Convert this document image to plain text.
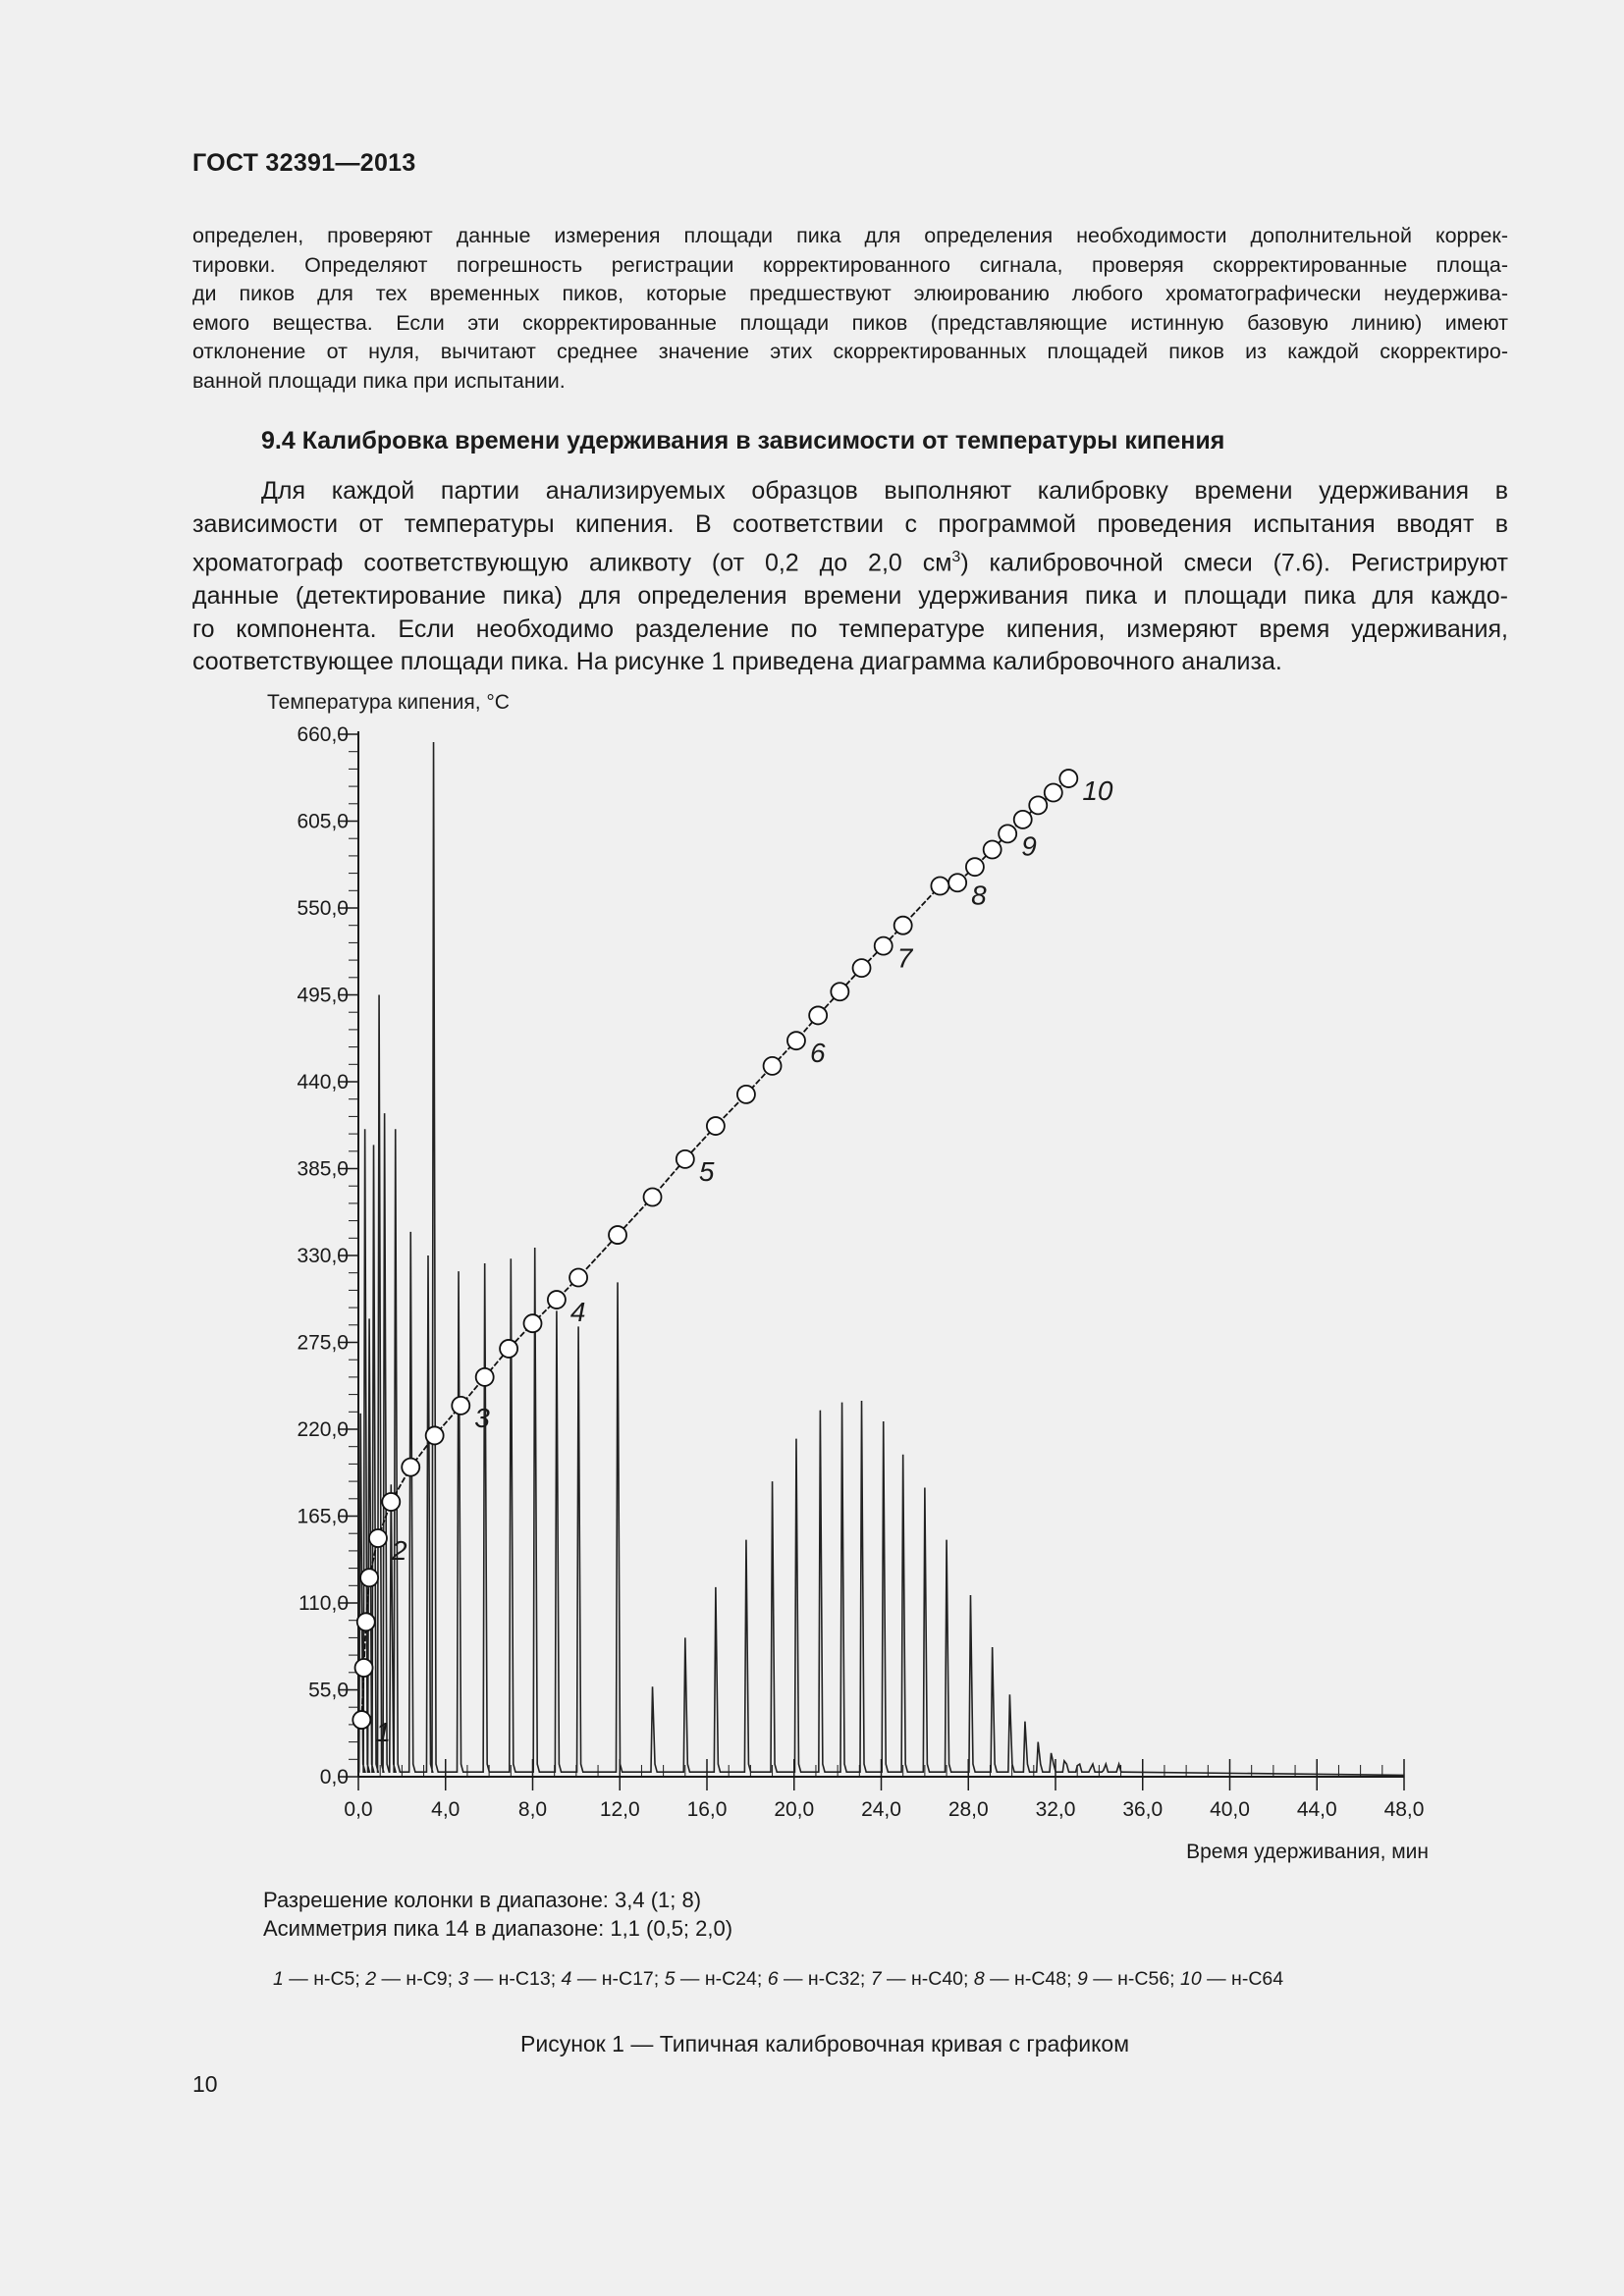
ГОСТ 32391—2013
определен, проверяют данные измерения площади пика для определения необходимости дополнительной коррек-
тировки. Определяют погрешность регистрации корректированного сигнала, проверяя скорректированные площа-
ди пиков для тех временных пиков, которые предшествуют элюированию любого хроматографически неудержива-
емого вещества. Если эти скорректированные площади пиков (представляющие истинную базовую линию) имеют
отклонение от нуля, вычитают среднее значение этих скорректированных площадей пиков из каждой скорректиро-
ванной площади пика при испытании.
9.4 Калибровка времени удерживания в зависимости от температуры кипения
Для каждой партии анализируемых образцов выполняют калибровку времени удерживания в
зависимости от температуры кипения. В соответствии с программой проведения испытания вводят в
хроматограф соответствующую аликвоту (от 0,2 до 2,0 $см^3$) калибровочной смеси (7.6). Регистрируют
данные (детектирование пика) для определения времени удерживания пика и площади пика для каждо-
го компонента. Если необходимо разделение по температуре кипения, измеряют время удерживания,
соответствующее площади пика. На рисунке 1 приведена диаграмма калибровочного анализа.
Температура кипения, °C
Время удерживания, мин
0,0
55,0
110,0
165,0
220,0
275,0
330,0
385,0
440,0
495,0
550,0
605,0
660,0
0,0	4,0	8,0	12,0 16,0 20,0 24,0 28,0 32,0 36,0 40,0 44,0 48,0
1
2
3
4
5
6
7
8
9
10
Разрешение колонки в диапазоне: 3,4 (1; 8)
Асимметрия пика 14 в диапазоне: 1,1 (0,5; 2,0)
1 — н-С5; 2 — н-С9; 3 — н-С13; 4 — н-С17; 5 — н-С24; 6 — н-С32; 7 — н-С40; 8 — н-С48; 9 — н-С56; 10 — н-С64
Рисунок 1 — Типичная калибровочная кривая с графиком
10
